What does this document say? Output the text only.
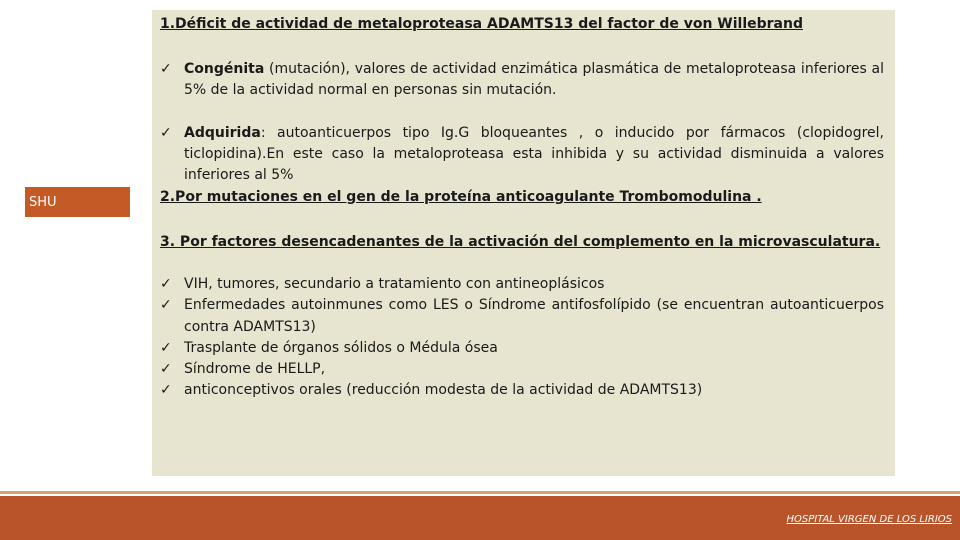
SHU
1.Déficit de actividad de metaloproteasa ADAMTS13 del factor de von Willebrand
✓ Congénita (mutación), valores de actividad enzimática plasmática de metaloproteasa inferiores al 5% de la actividad normal en personas sin mutación.
✓ Adquirida: autoanticuerpos tipo Ig.G bloqueantes , o inducido por fármacos (clopidogrel, ticlopidina).En este caso la metaloproteasa esta inhibida y su actividad disminuida a valores inferiores al 5%
2.Por mutaciones en el gen de la proteína anticoagulante Trombomodulina .
3. Por factores desencadenantes de la activación del complemento en la microvasculatura.
✓ VIH, tumores, secundario a tratamiento con antineoplásicos
✓ Enfermedades autoinmunes como LES o Síndrome antifosfolípido (se encuentran autoanticuerpos contra ADAMTS13)
✓ Trasplante de órganos sólidos o Médula ósea
✓ Síndrome de HELLP,
✓ anticonceptivos orales (reducción modesta de la actividad de ADAMTS13)
HOSPITAL VIRGEN DE LOS LIRIOS
